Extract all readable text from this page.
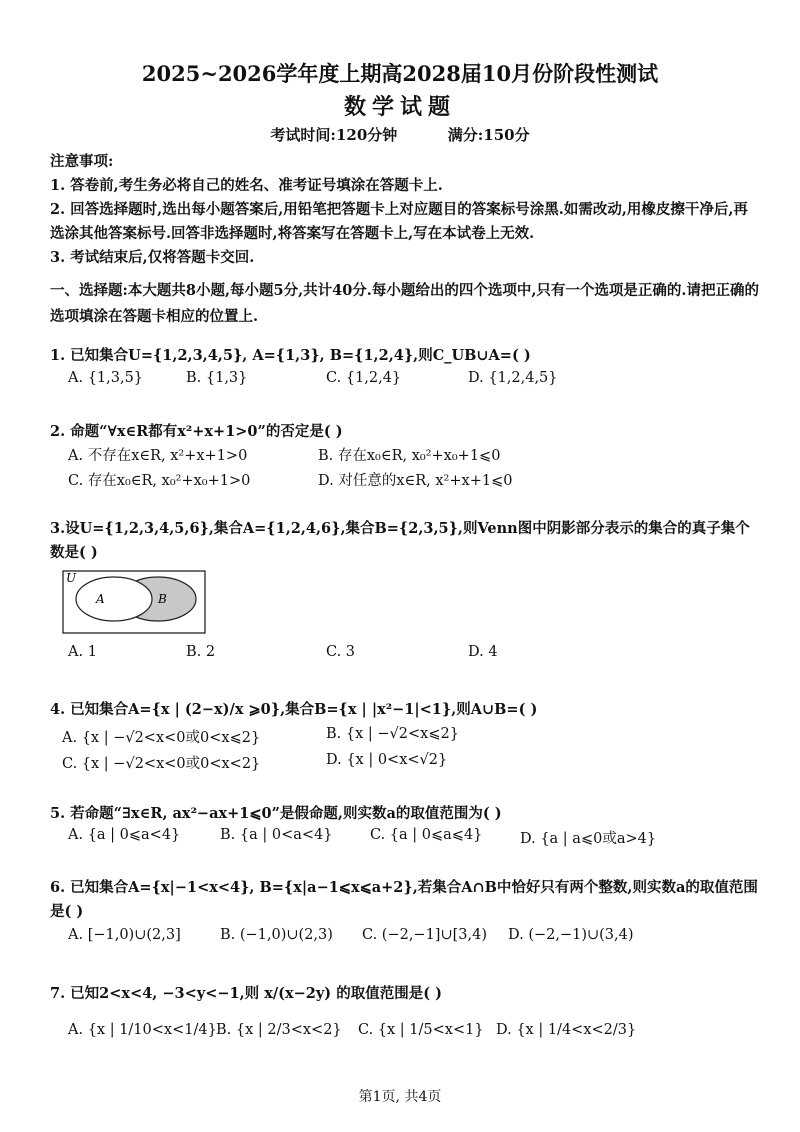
2025~2026学年度上期高2028届10月份阶段性测试
数学试题
考试时间:120分钟	满分:150分
注意事项:
1. 答卷前,考生务必将自己的姓名、准考证号填涂在答题卡上.
2. 回答选择题时,选出每小题答案后,用铅笔把答题卡上对应题目的答案标号涂黑.如需改动,用橡皮擦干净后,再选涂其他答案标号.回答非选择题时,将答案写在答题卡上,写在本试卷上无效.
3. 考试结束后,仅将答题卡交回.
一、选择题:本大题共8小题,每小题5分,共计40分.每小题给出的四个选项中,只有一个选项是正确的.请把正确的选项填涂在答题卡相应的位置上.
1. 已知集合U={1,2,3,4,5}, A={1,3}, B={1,2,4},则C_UB∪A=( )
A. {1,3,5}	B. {1,3}	C. {1,2,4}	D. {1,2,4,5}
2. 命题“∀x∈R都有x²+x+1>0”的否定是( )
A. 不存在x∈R, x²+x+1>0	B. 存在x₀∈R, x₀²+x₀+1⩽0
C. 存在x₀∈R, x₀²+x₀+1>0	D. 对任意的x∈R, x²+x+1⩽0
3.设U={1,2,3,4,5,6},集合A={1,2,4,6},集合B={2,3,5},则Venn图中阴影部分表示的集合的真子集个数是( )
U
A	B
A. 1	B. 2	C. 3	D. 4
4. 已知集合A={x | (2−x)/x ⩾0},集合B={x | |x²−1|<1},则A∪B=( )
A. {x | −√2<x<0或0<x⩽2}	B. {x | −√2<x⩽2}
C. {x | −√2<x<0或0<x<2}	D. {x | 0<x<√2}
5. 若命题“∃x∈R, ax²−ax+1⩽0”是假命题,则实数a的取值范围为( )
A. {a | 0⩽a<4}	B. {a | 0<a<4}	C. {a | 0⩽a⩽4}	D. {a | a⩽0或a>4}
6. 已知集合A={x|−1<x<4}, B={x|a−1⩽x⩽a+2},若集合A∩B中恰好只有两个整数,则实数a的取值范围是( )
A. [−1,0)∪(2,3]	B. (−1,0)∪(2,3) C. (−2,−1]∪[3,4) D. (−2,−1)∪(3,4)
7. 已知2<x<4, −3<y<−1,则 x/(x−2y) 的取值范围是( )
A. {x | 1/10<x<1/4} B. {x | 2/3<x<2} C. {x | 1/5<x<1} D. {x | 1/4<x<2/3}
第1页, 共4页
